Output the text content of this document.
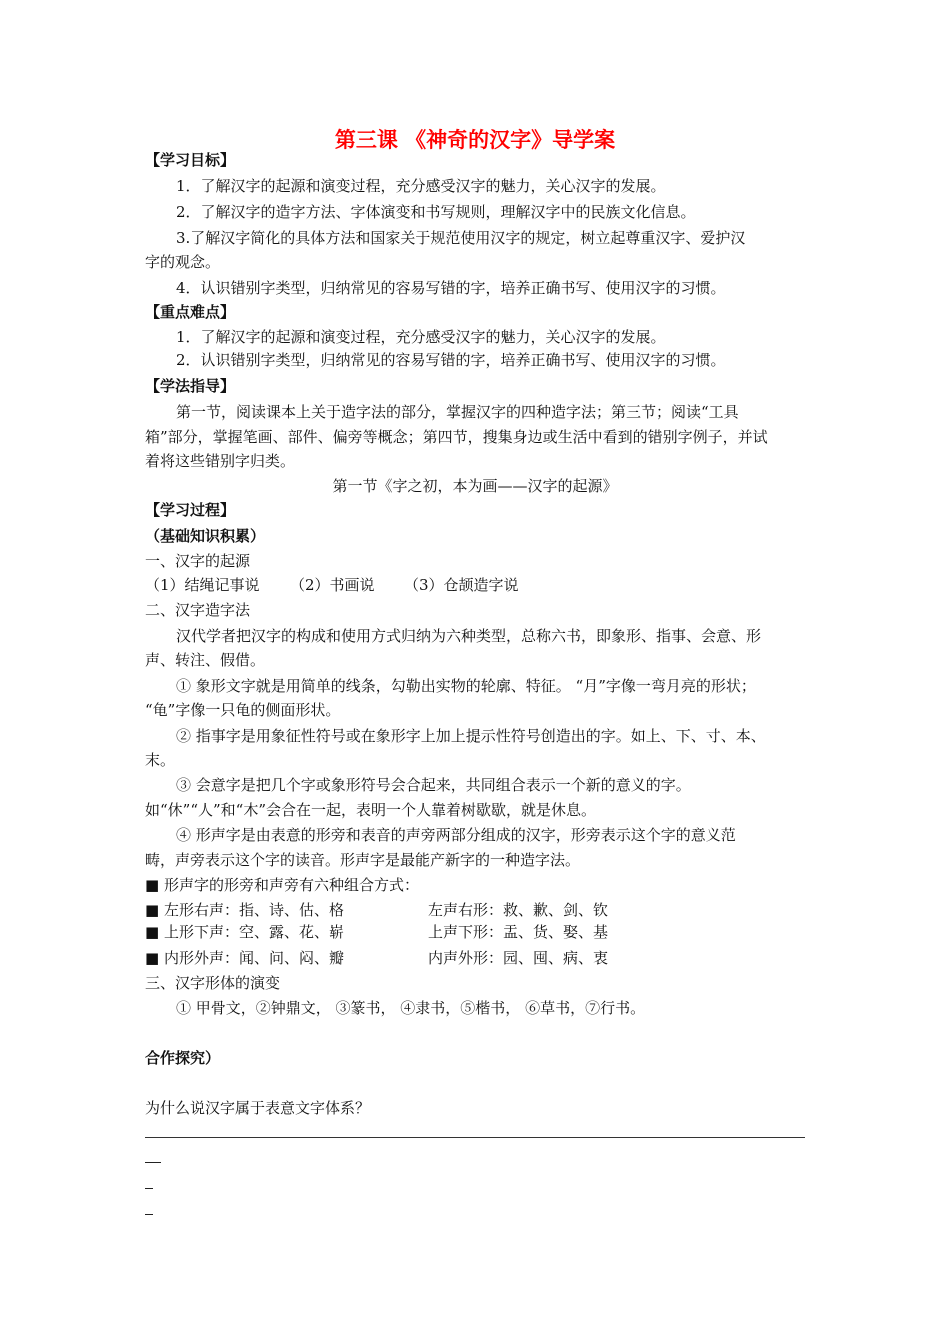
第三课 《神奇的汉字》导学案
【学习目标】
1．了解汉字的起源和演变过程，充分感受汉字的魅力，关心汉字的发展。
2．了解汉字的造字方法、字体演变和书写规则，理解汉字中的民族文化信息。
3.了解汉字简化的具体方法和国家关于规范使用汉字的规定，树立起尊重汉字、爱护汉
字的观念。
4．认识错别字类型，归纳常见的容易写错的字，培养正确书写、使用汉字的习惯。
【重点难点】
1．了解汉字的起源和演变过程，充分感受汉字的魅力，关心汉字的发展。
2．认识错别字类型，归纳常见的容易写错的字，培养正确书写、使用汉字的习惯。
【学法指导】
第一节，阅读课本上关于造字法的部分，掌握汉字的四种造字法；第三节；阅读“工具
箱”部分，掌握笔画、部件、偏旁等概念；第四节，搜集身边或生活中看到的错别字例子，并试
着将这些错别字归类。
第一节《字之初，本为画——汉字的起源》
【学习过程】
（基础知识积累）
一、汉字的起源
（1）结绳记事说 （2）书画说 （3）仓颉造字说
二、汉字造字法
汉代学者把汉字的构成和使用方式归纳为六种类型，总称六书，即象形、指事、会意、形
声、转注、假借。
① 象形文字就是用简单的线条，勾勒出实物的轮廓、特征。 “月”字像一弯月亮的形状；
“龟”字像一只龟的侧面形状。
② 指事字是用象征性符号或在象形字上加上提示性符号创造出的字。如上、下、寸、本、
末。
③ 会意字是把几个字或象形符号会合起来，共同组合表示一个新的意义的字。
如“休”“人”和“木”会合在一起，表明一个人靠着树歇歇，就是休息。
④ 形声字是由表意的形旁和表音的声旁两部分组成的汉字，形旁表示这个字的意义范
畴，声旁表示这个字的读音。形声字是最能产新字的一种造字法。
■ 形声字的形旁和声旁有六种组合方式：
■ 左形右声：指、诗、估、格	左声右形：救、歉、剑、钦
■ 上形下声：空、露、花、崭	上声下形：盂、货、娶、基
■ 内形外声：闻、问、闷、瓣	内声外形：园、囤、病、衷
三、汉字形体的演变
① 甲骨文，②钟鼎文， ③篆书， ④隶书，⑤楷书， ⑥草书，⑦行书。
合作探究）
为什么说汉字属于表意文字体系？
